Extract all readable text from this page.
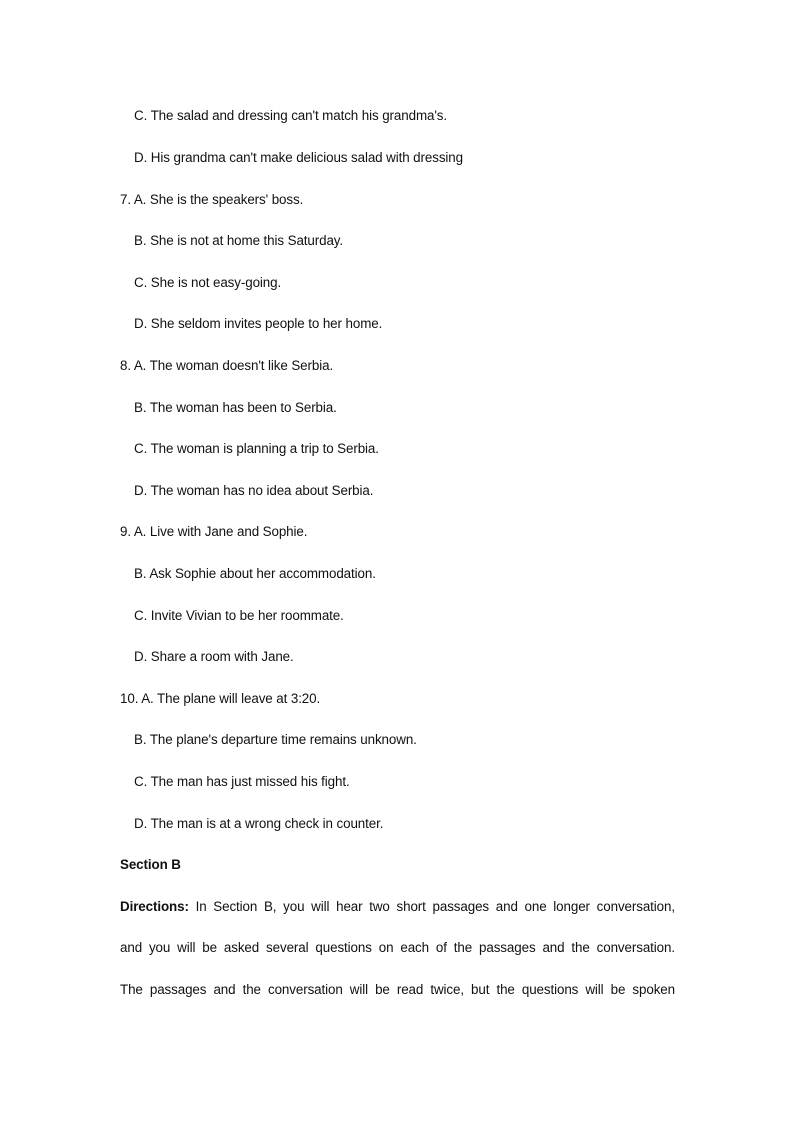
C. The salad and dressing can't match his grandma's.
D. His grandma can't make delicious salad with dressing
7. A. She is the speakers' boss.
B. She is not at home this Saturday.
C. She is not easy-going.
D. She seldom invites people to her home.
8. A. The woman doesn't like Serbia.
B. The woman has been to Serbia.
C. The woman is planning a trip to Serbia.
D. The woman has no idea about Serbia.
9. A. Live with Jane and Sophie.
B. Ask Sophie about her accommodation.
C. Invite Vivian to be her roommate.
D. Share a room with Jane.
10. A. The plane will leave at 3:20.
B. The plane's departure time remains unknown.
C. The man has just missed his fight.
D. The man is at a wrong check in counter.
Section B
Directions: In Section B, you will hear two short passages and one longer conversation,
and you will be asked several questions on each of the passages and the conversation.
The passages and the conversation will be read twice, but the questions will be spoken
